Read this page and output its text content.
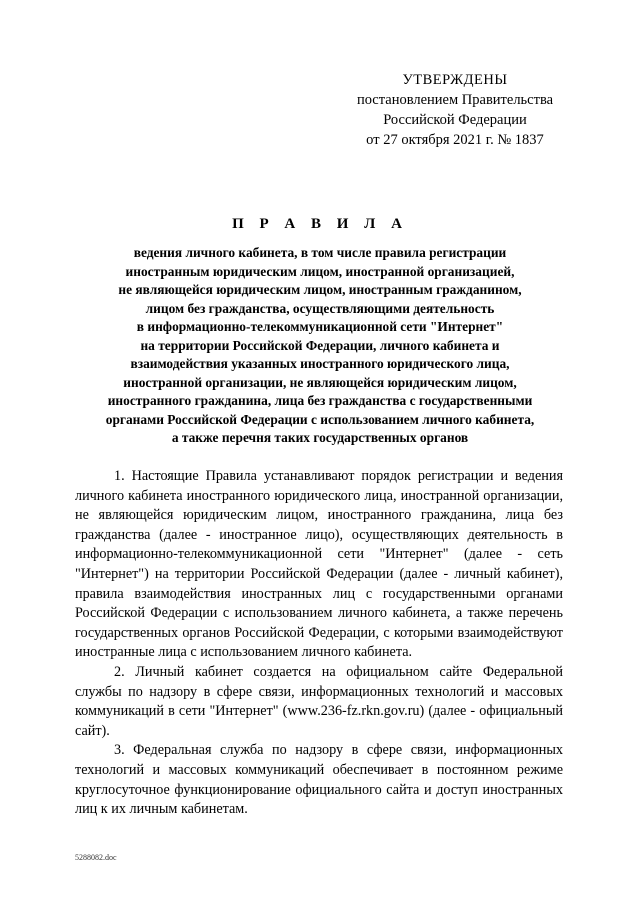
УТВЕРЖДЕНЫ
постановлением Правительства
Российской Федерации
от 27 октября 2021 г. № 1837
П Р А В И Л А
ведения личного кабинета, в том числе правила регистрации
иностранным юридическим лицом, иностранной организацией,
не являющейся юридическим лицом, иностранным гражданином,
лицом без гражданства, осуществляющими деятельность
в информационно-телекоммуникационной сети "Интернет"
на территории Российской Федерации, личного кабинета и
взаимодействия указанных иностранного юридического лица,
иностранной организации, не являющейся юридическим лицом,
иностранного гражданина, лица без гражданства с государственными
органами Российской Федерации с использованием личного кабинета,
а также перечня таких государственных органов

1. Настоящие Правила устанавливают порядок регистрации и ведения личного кабинета иностранного юридического лица, иностранной организации, не являющейся юридическим лицом, иностранного гражданина, лица без гражданства (далее - иностранное лицо), осуществляющих деятельность в информационно-телекоммуникационной сети "Интернет" (далее - сеть "Интернет") на территории Российской Федерации (далее - личный кабинет), правила взаимодействия иностранных лиц с государственными органами Российской Федерации с использованием личного кабинета, а также перечень государственных органов Российской Федерации, с которыми взаимодействуют иностранные лица с использованием личного кабинета.

2. Личный кабинет создается на официальном сайте Федеральной службы по надзору в сфере связи, информационных технологий и массовых коммуникаций в сети "Интернет" (www.236-fz.rkn.gov.ru) (далее - официальный сайт).

3. Федеральная служба по надзору в сфере связи, информационных технологий и массовых коммуникаций обеспечивает в постоянном режиме круглосуточное функционирование официального сайта и доступ иностранных лиц к их личным кабинетам.

5288082.doc
